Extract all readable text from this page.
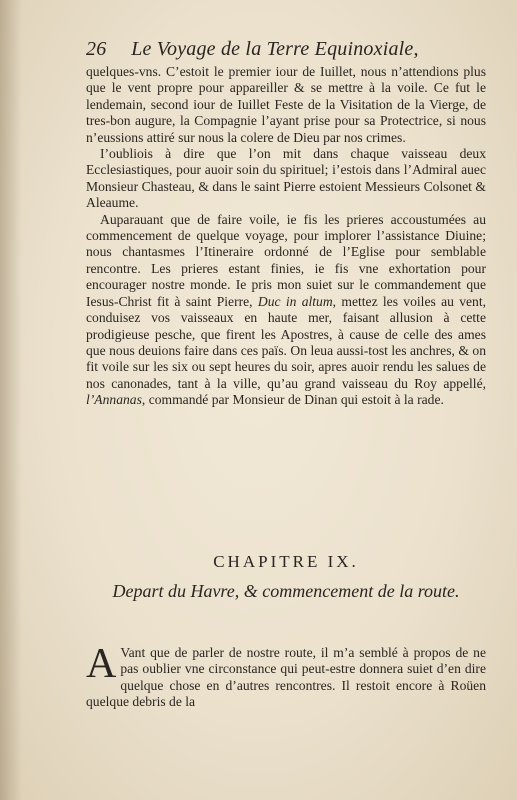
26 Le Voyage de la Terre Equinoxiale,

quelques-vns. C’estoit le premier iour de Iuillet, nous n’attendions plus que le vent propre pour appareiller & se mettre à la voile. Ce fut le lendemain, second iour de Iuillet Feste de la Visitation de la Vierge, de tres-bon augure, la Compagnie l’ayant prise pour sa Protectrice, si nous n’eussions attiré sur nous la colere de Dieu par nos crimes.

I’oubliois à dire que l’on mit dans chaque vaisseau deux Ecclesiastiques, pour auoir soin du spirituel; i’estois dans l’Admiral auec Monsieur Chasteau, & dans le saint Pierre estoient Messieurs Colsonet & Aleaume.

Auparauant que de faire voile, ie fis les prieres accoustumées au commencement de quelque voyage, pour implorer l’assistance Diuine; nous chantasmes l’Itineraire ordonné de l’Eglise pour semblable rencontre. Les prieres estant finies, ie fis vne exhortation pour encourager nostre monde. Ie pris mon suiet sur le commandement que Iesus-Christ fit à saint Pierre, Duc in altum, mettez les voiles au vent, conduisez vos vaisseaux en haute mer, faisant allusion à cette prodigieuse pesche, que firent les Apostres, à cause de celle des ames que nous deuions faire dans ces païs. On leua aussi-tost les anchres, & on fit voile sur les six ou sept heures du soir, apres auoir rendu les salues de nos canonades, tant à la ville, qu’au grand vaisseau du Roy appellé, l’Annanas, commandé par Monsieur de Dinan qui estoit à la rade.

CHAPITRE IX.
Depart du Havre, & commencement de la route.
A Vant que de parler de nostre route, il m’a semblé à propos de ne pas oublier vne circonstance qui peut-estre donnera suiet d’en dire quelque chose en d’autres rencontres. Il restoit encore à Roüen quelque debris de la
